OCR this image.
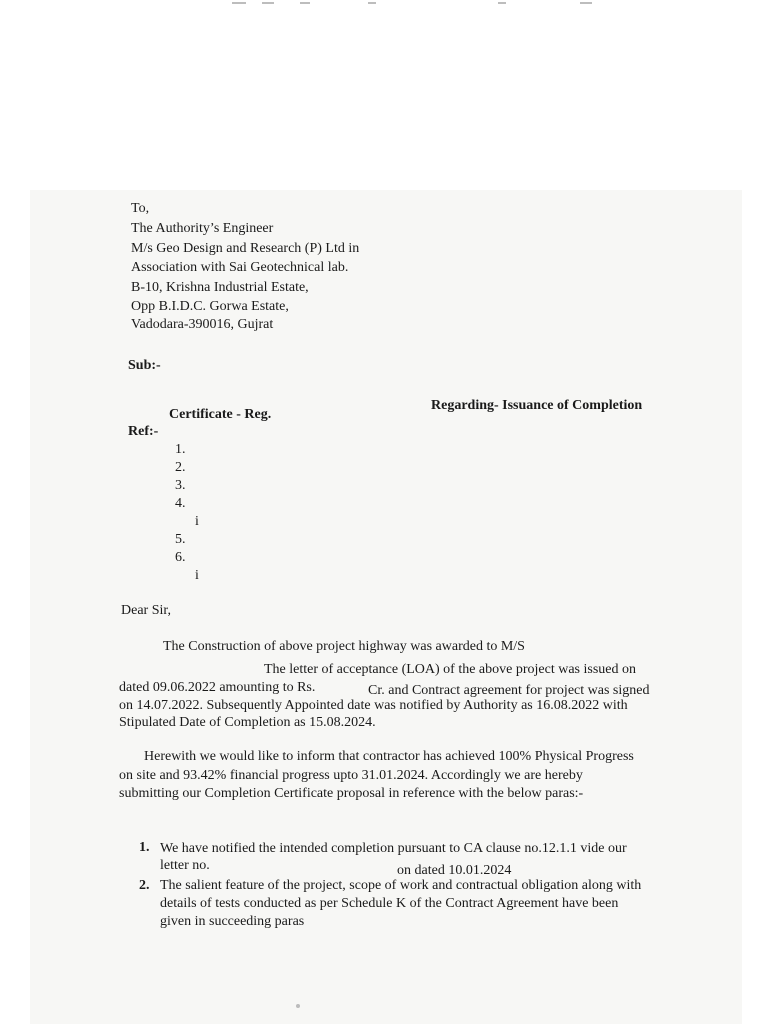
To,
The Authority’s Engineer
M/s Geo Design and Research (P) Ltd in
Association with Sai Geotechnical lab.
B-10, Krishna Industrial Estate,
Opp B.I.D.C. Gorwa Estate,
Vadodara-390016, Gujrat
Sub:-
Regarding- Issuance of Completion
Certificate - Reg.
Ref:-
1.
2.
3.
4.
i
5.
6.
i
Dear Sir,
The Construction of above project highway was awarded to M/S
The letter of acceptance (LOA) of the above project was issued on
dated 09.06.2022 amounting to Rs.	Cr. and Contract agreement for project was signed
on 14.07.2022. Subsequently Appointed date was notified by Authority as 16.08.2022 with
Stipulated Date of Completion as 15.08.2024.
Herewith we would like to inform that contractor has achieved 100% Physical Progress
on site and 93.42% financial progress upto 31.01.2024. Accordingly we are hereby
submitting our Completion Certificate proposal in reference with the below paras:-
1. We have notified the intended completion pursuant to CA clause no.12.1.1 vide our
letter no.	on dated 10.01.2024
2. The salient feature of the project, scope of work and contractual obligation along with
details of tests conducted as per Schedule K of the Contract Agreement have been
given in succeeding paras
